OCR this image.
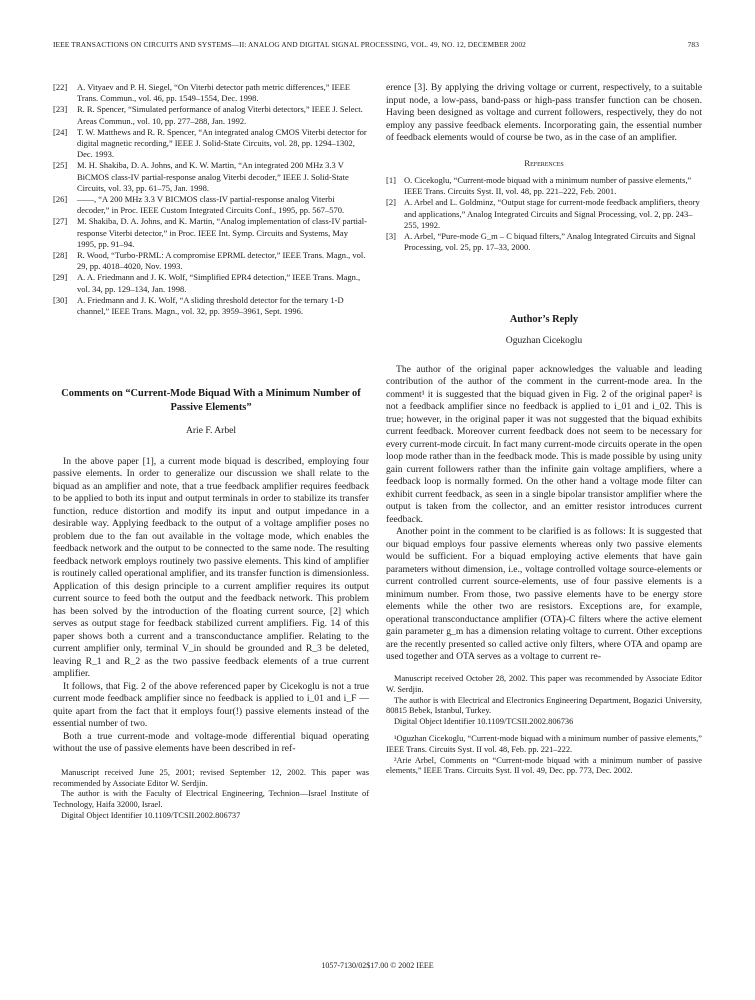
IEEE TRANSACTIONS ON CIRCUITS AND SYSTEMS—II: ANALOG AND DIGITAL SIGNAL PROCESSING, VOL. 49, NO. 12, DECEMBER 2002	783
[22] A. Vityaev and P. H. Siegel, “On Viterbi detector path metric differences,” IEEE Trans. Commun., vol. 46, pp. 1549–1554, Dec. 1998.
[23] R. R. Spencer, “Simulated performance of analog Viterbi detectors,” IEEE J. Select. Areas Commun., vol. 10, pp. 277–288, Jan. 1992.
[24] T. W. Matthews and R. R. Spencer, “An integrated analog CMOS Viterbi detector for digital magnetic recording,” IEEE J. Solid-State Circuits, vol. 28, pp. 1294–1302, Dec. 1993.
[25] M. H. Shakiba, D. A. Johns, and K. W. Martin, “An integrated 200 MHz 3.3 V BiCMOS class-IV partial-response analog Viterbi decoder,” IEEE J. Solid-State Circuits, vol. 33, pp. 61–75, Jan. 1998.
[26] ——, “A 200 MHz 3.3 V BICMOS class-IV partial-response analog Viterbi decoder,” in Proc. IEEE Custom Integrated Circuits Conf., 1995, pp. 567–570.
[27] M. Shakiba, D. A. Johns, and K. Martin, “Analog implementation of class-IV partial-response Viterbi detector,” in Proc. IEEE Int. Symp. Circuits and Systems, May 1995, pp. 91–94.
[28] R. Wood, “Turbo-PRML: A compromise EPRML detector,” IEEE Trans. Magn., vol. 29, pp. 4018–4020, Nov. 1993.
[29] A. A. Friedmann and J. K. Wolf, “Simplified EPR4 detection,” IEEE Trans. Magn., vol. 34, pp. 129–134, Jan. 1998.
[30] A. Friedmann and J. K. Wolf, “A sliding threshold detector for the ternary 1-D channel,” IEEE Trans. Magn., vol. 32, pp. 3959–3961, Sept. 1996.
Comments on “Current-Mode Biquad With a Minimum Number of Passive Elements”
Arie F. Arbel

In the above paper [1], a current mode biquad is described, employing four passive elements. In order to generalize our discussion we shall relate to the biquad as an amplifier and note, that a true feedback amplifier requires feedback to be applied to both its input and output terminals in order to stabilize its transfer function, reduce distortion and modify its input and output impedance in a desirable way. Applying feedback to the output of a voltage amplifier poses no problem due to the fan out available in the voltage mode, which enables the feedback network and the output to be connected to the same node. The resulting feedback network employs routinely two passive elements. This kind of amplifier is routinely called operational amplifier, and its transfer function is dimensionless. Application of this design principle to a current amplifier requires its output current source to feed both the output and the feedback network. This problem has been solved by the introduction of the floating current source, [2] which serves as output stage for feedback stabilized current amplifiers. Fig. 14 of this paper shows both a current and a transconductance amplifier. Relating to the current amplifier only, terminal V_in should be grounded and R_3 be deleted, leaving R_1 and R_2 as the two passive feedback elements of a true current amplifier.

It follows, that Fig. 2 of the above referenced paper by Cicekoglu is not a true current mode feedback amplifier since no feedback is applied to i_01 and i_F —quite apart from the fact that it employs four(!) passive elements instead of the essential number of two.

Both a true current-mode and voltage-mode differential biquad operating without the use of passive elements have been described in ref-

Manuscript received June 25, 2001; revised September 12, 2002. This paper was recommended by Associate Editor W. Serdjin.

The author is with the Faculty of Electrical Engineering, Technion—Israel Institute of Technology, Haifa 32000, Israel.

Digital Object Identifier 10.1109/TCSII.2002.806737

erence [3]. By applying the driving voltage or current, respectively, to a suitable input node, a low-pass, band-pass or high-pass transfer function can be chosen. Having been designed as voltage and current followers, respectively, they do not employ any passive feedback elements. Incorporating gain, the essential number of feedback elements would of course be two, as in the case of an amplifier.

References
[1] O. Cicekoglu, “Current-mode biquad with a minimum number of passive elements,” IEEE Trans. Circuits Syst. II, vol. 48, pp. 221–222, Feb. 2001.
[2] A. Arbel and L. Goldminz, “Output stage for current-mode feedback amplifiers, theory and applications,” Analog Integrated Circuits and Signal Processing, vol. 2, pp. 243–255, 1992.
[3] A. Arbel, “Pure-mode G_m – C biquad filters,” Analog Integrated Circuits and Signal Processing, vol. 25, pp. 17–33, 2000.
Author’s Reply
Oguzhan Cicekoglu

The author of the original paper acknowledges the valuable and leading contribution of the author of the comment in the current-mode area. In the comment¹ it is suggested that the biquad given in Fig. 2 of the original paper² is not a feedback amplifier since no feedback is applied to i_01 and i_02. This is true; however, in the original paper it was not suggested that the biquad exhibits current feedback. Moreover current feedback does not seem to be necessary for every current-mode circuit. In fact many current-mode circuits operate in the open loop mode rather than in the feedback mode. This is made possible by using unity gain current followers rather than the infinite gain voltage amplifiers, where a feedback loop is normally formed. On the other hand a voltage mode filter can exhibit current feedback, as seen in a single bipolar transistor amplifier where the output is taken from the collector, and an emitter resistor introduces current feedback.

Another point in the comment to be clarified is as follows: It is suggested that our biquad employs four passive elements whereas only two passive elements would be sufficient. For a biquad employing active elements that have gain parameters without dimension, i.e., voltage controlled voltage source-elements or current controlled current source-elements, use of four passive elements is a minimum number. From those, two passive elements have to be energy store elements while the other two are resistors. Exceptions are, for example, operational transconductance amplifier (OTA)-C filters where the active element gain parameter g_m has a dimension relating voltage to current. Other exceptions are the recently presented so called active only filters, where OTA and opamp are used together and OTA serves as a voltage to current re-

Manuscript received October 28, 2002. This paper was recommended by Associate Editor W. Serdjin.

The author is with Electrical and Electronics Engineering Department, Bogazici University, 80815 Bebek, Istanbul, Turkey.

Digital Object Identifier 10.1109/TCSII.2002.806736

¹Oguzhan Cicekoglu, “Current-mode biquad with a minimum number of passive elements,” IEEE Trans. Circuits Syst. II vol. 48, Feb. pp. 221–222.

²Arie Arbel, Comments on “Current-mode biquad with a minimum number of passive elements,” IEEE Trans. Circuits Syst. II vol. 49, Dec. pp. 773, Dec. 2002.

1057-7130/02$17.00 © 2002 IEEE
